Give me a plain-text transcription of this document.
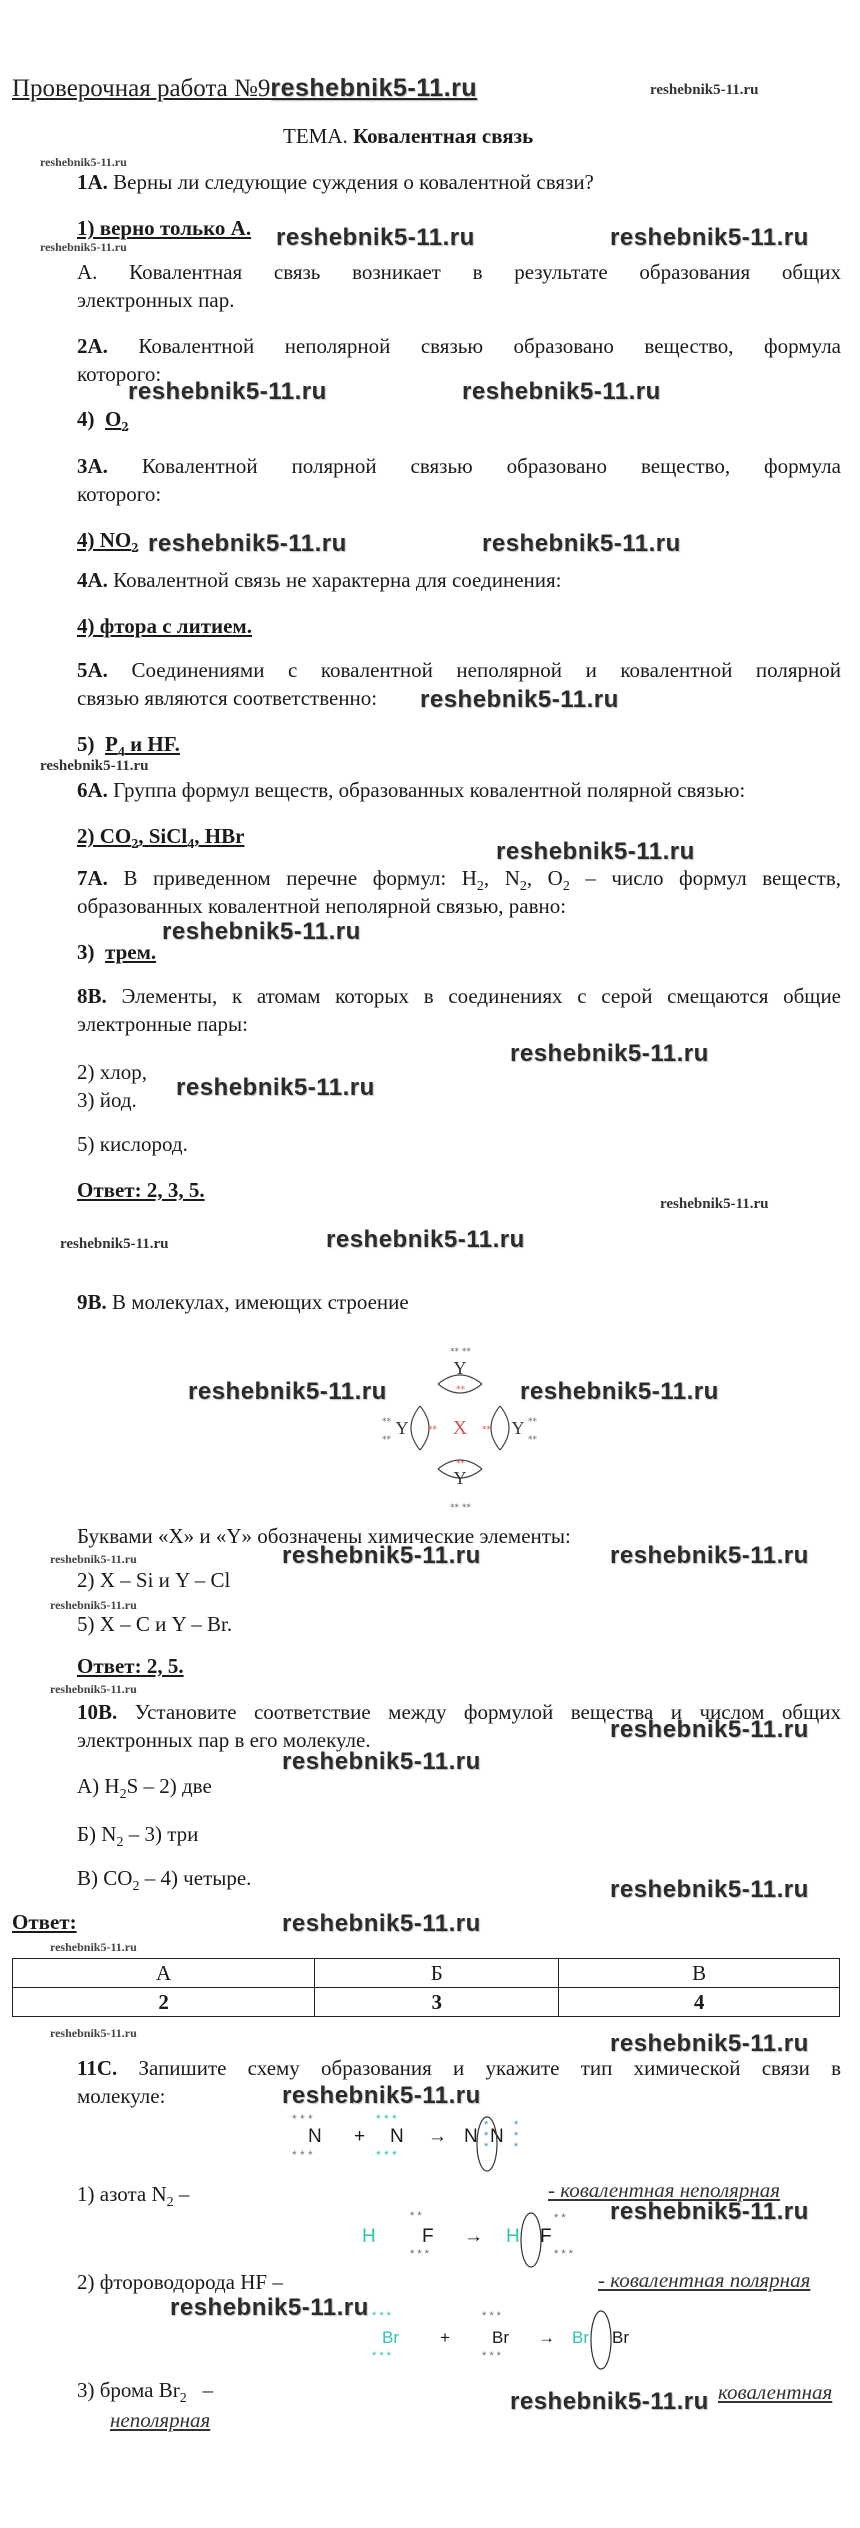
Проверочная работа №9reshebnik5-11.ru	reshebnik5-11.ru
ТЕМА. Ковалентная связь
reshebnik5-11.ru
1А. Верны ли следующие суждения о ковалентной связи?
1) верно только А.
reshebnik5-11.ru	reshebnik5-11.ru	reshebnik5-11.ru
А. Ковалентная связь возникает в результате образования общих
электронных пар.
2А. Ковалентной неполярной связью образовано вещество, формула
которого:
reshebnik5-11.ru	reshebnik5-11.ru
4) $O_2$
3А. Ковалентной полярной связью образовано вещество, формула
которого:
4) $NO_2$ reshebnik5-11.ru	reshebnik5-11.ru
4А. Ковалентной связь не характерна для соединения:
4) фтора с литием.
5А. Соединениями с ковалентной неполярной и ковалентной полярной
связью являются соответственно: reshebnik5-11.ru
5) $P_4$ и HF.
reshebnik5-11.ru
6А. Группа формул веществ, образованных ковалентной полярной связью:
2) $CO_2$, SiCl$_4$, HBr
reshebnik5-11.ru
7А. В приведенном перечне формул: $H_2$, $N_2$, $O_2$ – число формул веществ,
образованных ковалентной неполярной связью, равно:
reshebnik5-11.ru
3) трем.
8В. Элементы, к атомам которых в соединениях с серой смещаются общие
электронные пары:
reshebnik5-11.ru
2) хлор,
reshebnik5-11.ru
3) йод.
5) кислород.
Ответ: 2, 3, 5.
reshebnik5-11.ru
reshebnik5-11.ru	reshebnik5-11.ru
9В. В молекулах, имеющих строение
reshebnik5-11.ru	reshebnik5-11.ru
Y
Y
Y	Y
X
** **
** **
**
**
**
**
**
**
**	**
Буквами «X» и «Y» обозначены химические элементы:
reshebnik5-11.ru	reshebnik5-11.ru	reshebnik5-11.ru
2) X – Si и Y – Cl
reshebnik5-11.ru
5) X – C и Y – Br.
Ответ: 2, 5.
reshebnik5-11.ru
10В. Установите соответствие между формулой вещества и числом общих
электронных пар в его молекуле.	reshebnik5-11.ru
reshebnik5-11.ru
А) $H_2S - 2$) две
Б) $N_2 - 3$) три
В) $CO_2 - 4$) четыре.	reshebnik5-11.ru
Ответ:	reshebnik5-11.ru
reshebnik5-11.ru
А	Б	В
2	3	4
reshebnik5-11.ru	reshebnik5-11.ru
11С. Запишите схему образования и укажите тип химической связи в
молекуле:	reshebnik5-11.ru
N
* * *
* * *
+ N
* * *
* * *
→ N N
*
*
*
*
*
*
1) азота $N_2$ –	- ковалентная неполярная
reshebnik5-11.ru
H F
* *
* * *
→ H F
* *
* * *
2) фтороводорода HF –	- ковалентная полярная
reshebnik5-11.ru
Br
* * *
* * *
+ Br
* * *
* * *
→ Br Br
3) брома $Br_2$ –	reshebnik5-11.ru ковалентная
неполярная
